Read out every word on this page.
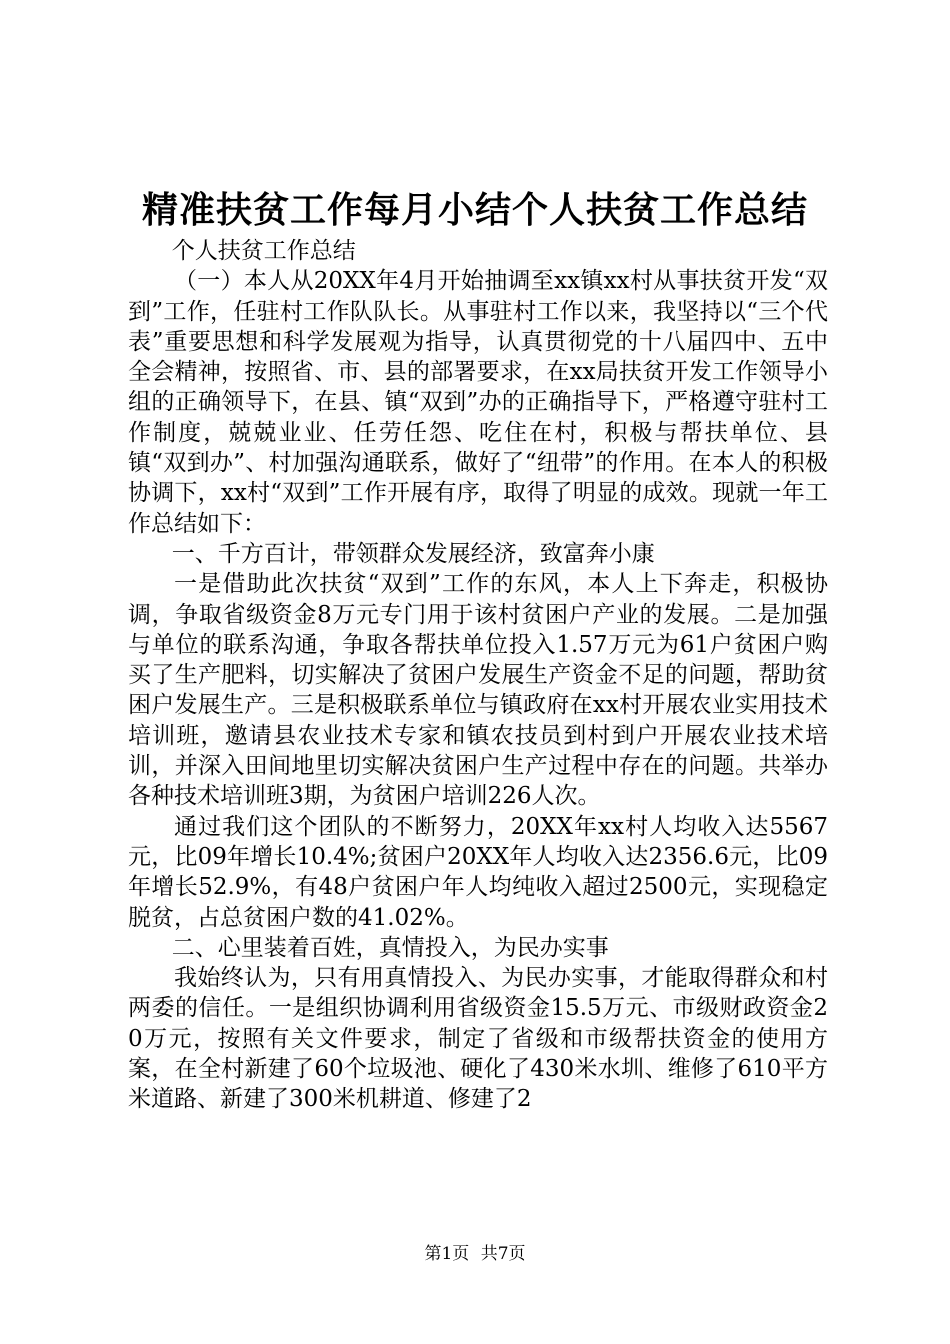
精准扶贫工作每月小结个人扶贫工作总结

个人扶贫工作总结

（一）本人从20XX年4月开始抽调至xx镇xx村从事扶贫开发“双到”工作，任驻村工作队队长。从事驻村工作以来，我坚持以“三个代表”重要思想和科学发展观为指导，认真贯彻党的十八届四中、五中全会精神，按照省、市、县的部署要求，在xx局扶贫开发工作领导小组的正确领导下，在县、镇“双到”办的正确指导下，严格遵守驻村工作制度，兢兢业业、任劳任怨、吃住在村，积极与帮扶单位、县镇“双到办”、村加强沟通联系，做好了“纽带”的作用。在本人的积极协调下，xx村“双到”工作开展有序，取得了明显的成效。现就一年工作总结如下：

一、千方百计，带领群众发展经济，致富奔小康

一是借助此次扶贫“双到”工作的东风，本人上下奔走，积极协调，争取省级资金8万元专门用于该村贫困户产业的发展。二是加强与单位的联系沟通，争取各帮扶单位投入1.57万元为61户贫困户购买了生产肥料，切实解决了贫困户发展生产资金不足的问题，帮助贫困户发展生产。三是积极联系单位与镇政府在xx村开展农业实用技术培训班，邀请县农业技术专家和镇农技员到村到户开展农业技术培训，并深入田间地里切实解决贫困户生产过程中存在的问题。共举办各种技术培训班3期，为贫困户培训226人次。

通过我们这个团队的不断努力，20XX年xx村人均收入达5567元，比09年增长10.4%;贫困户20XX年人均收入达2356.6元，比09年增长52.9%，有48户贫困户年人均纯收入超过2500元，实现稳定脱贫，占总贫困户数的41.02%。

二、心里装着百姓，真情投入，为民办实事

我始终认为，只有用真情投入、为民办实事，才能取得群众和村两委的信任。一是组织协调利用省级资金15.5万元、市级财政资金20万元，按照有关文件要求，制定了省级和市级帮扶资金的使用方案，在全村新建了60个垃圾池、硬化了430米水圳、维修了610平方米道路、新建了300米机耕道、修建了2

第1页 共7页
